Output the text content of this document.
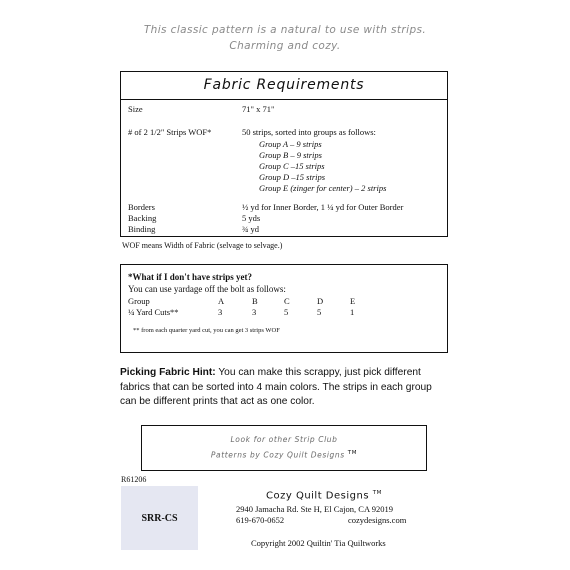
This classic pattern is a natural to use with strips.
Charming and cozy.
Fabric Requirements
Size	71" x 71"
# of 2 1/2" Strips WOF*	50 strips, sorted into groups as follows:
Group A – 9 strips
Group B – 9 strips
Group C –15 strips
Group D –15 strips
Group E (zinger for center) – 2 strips
Borders	½ yd for Inner Border, 1 ¼ yd for Outer Border
Backing	5 yds
Binding	¾ yd
WOF means Width of Fabric (selvage to selvage.)
*What if I don't have strips yet?
You can use yardage off the bolt as follows:
Group	A	B	C	D	E
¼ Yard Cuts**	3	3	5	5	1
** from each quarter yard cut, you can get 3 strips WOF
Picking Fabric Hint: You can make this scrappy, just pick different fabrics that can be sorted into 4 main colors. The strips in each group can be different prints that act as one color.
Look for other Strip Club
Patterns by Cozy Quilt Designs ™
R61206
SRR-CS
Cozy Quilt Designs ™
2940 Jamacha Rd. Ste H, El Cajon, CA 92019
619-670-0652	cozydesigns.com
Copyright 2002 Quiltin' Tia Quiltworks
